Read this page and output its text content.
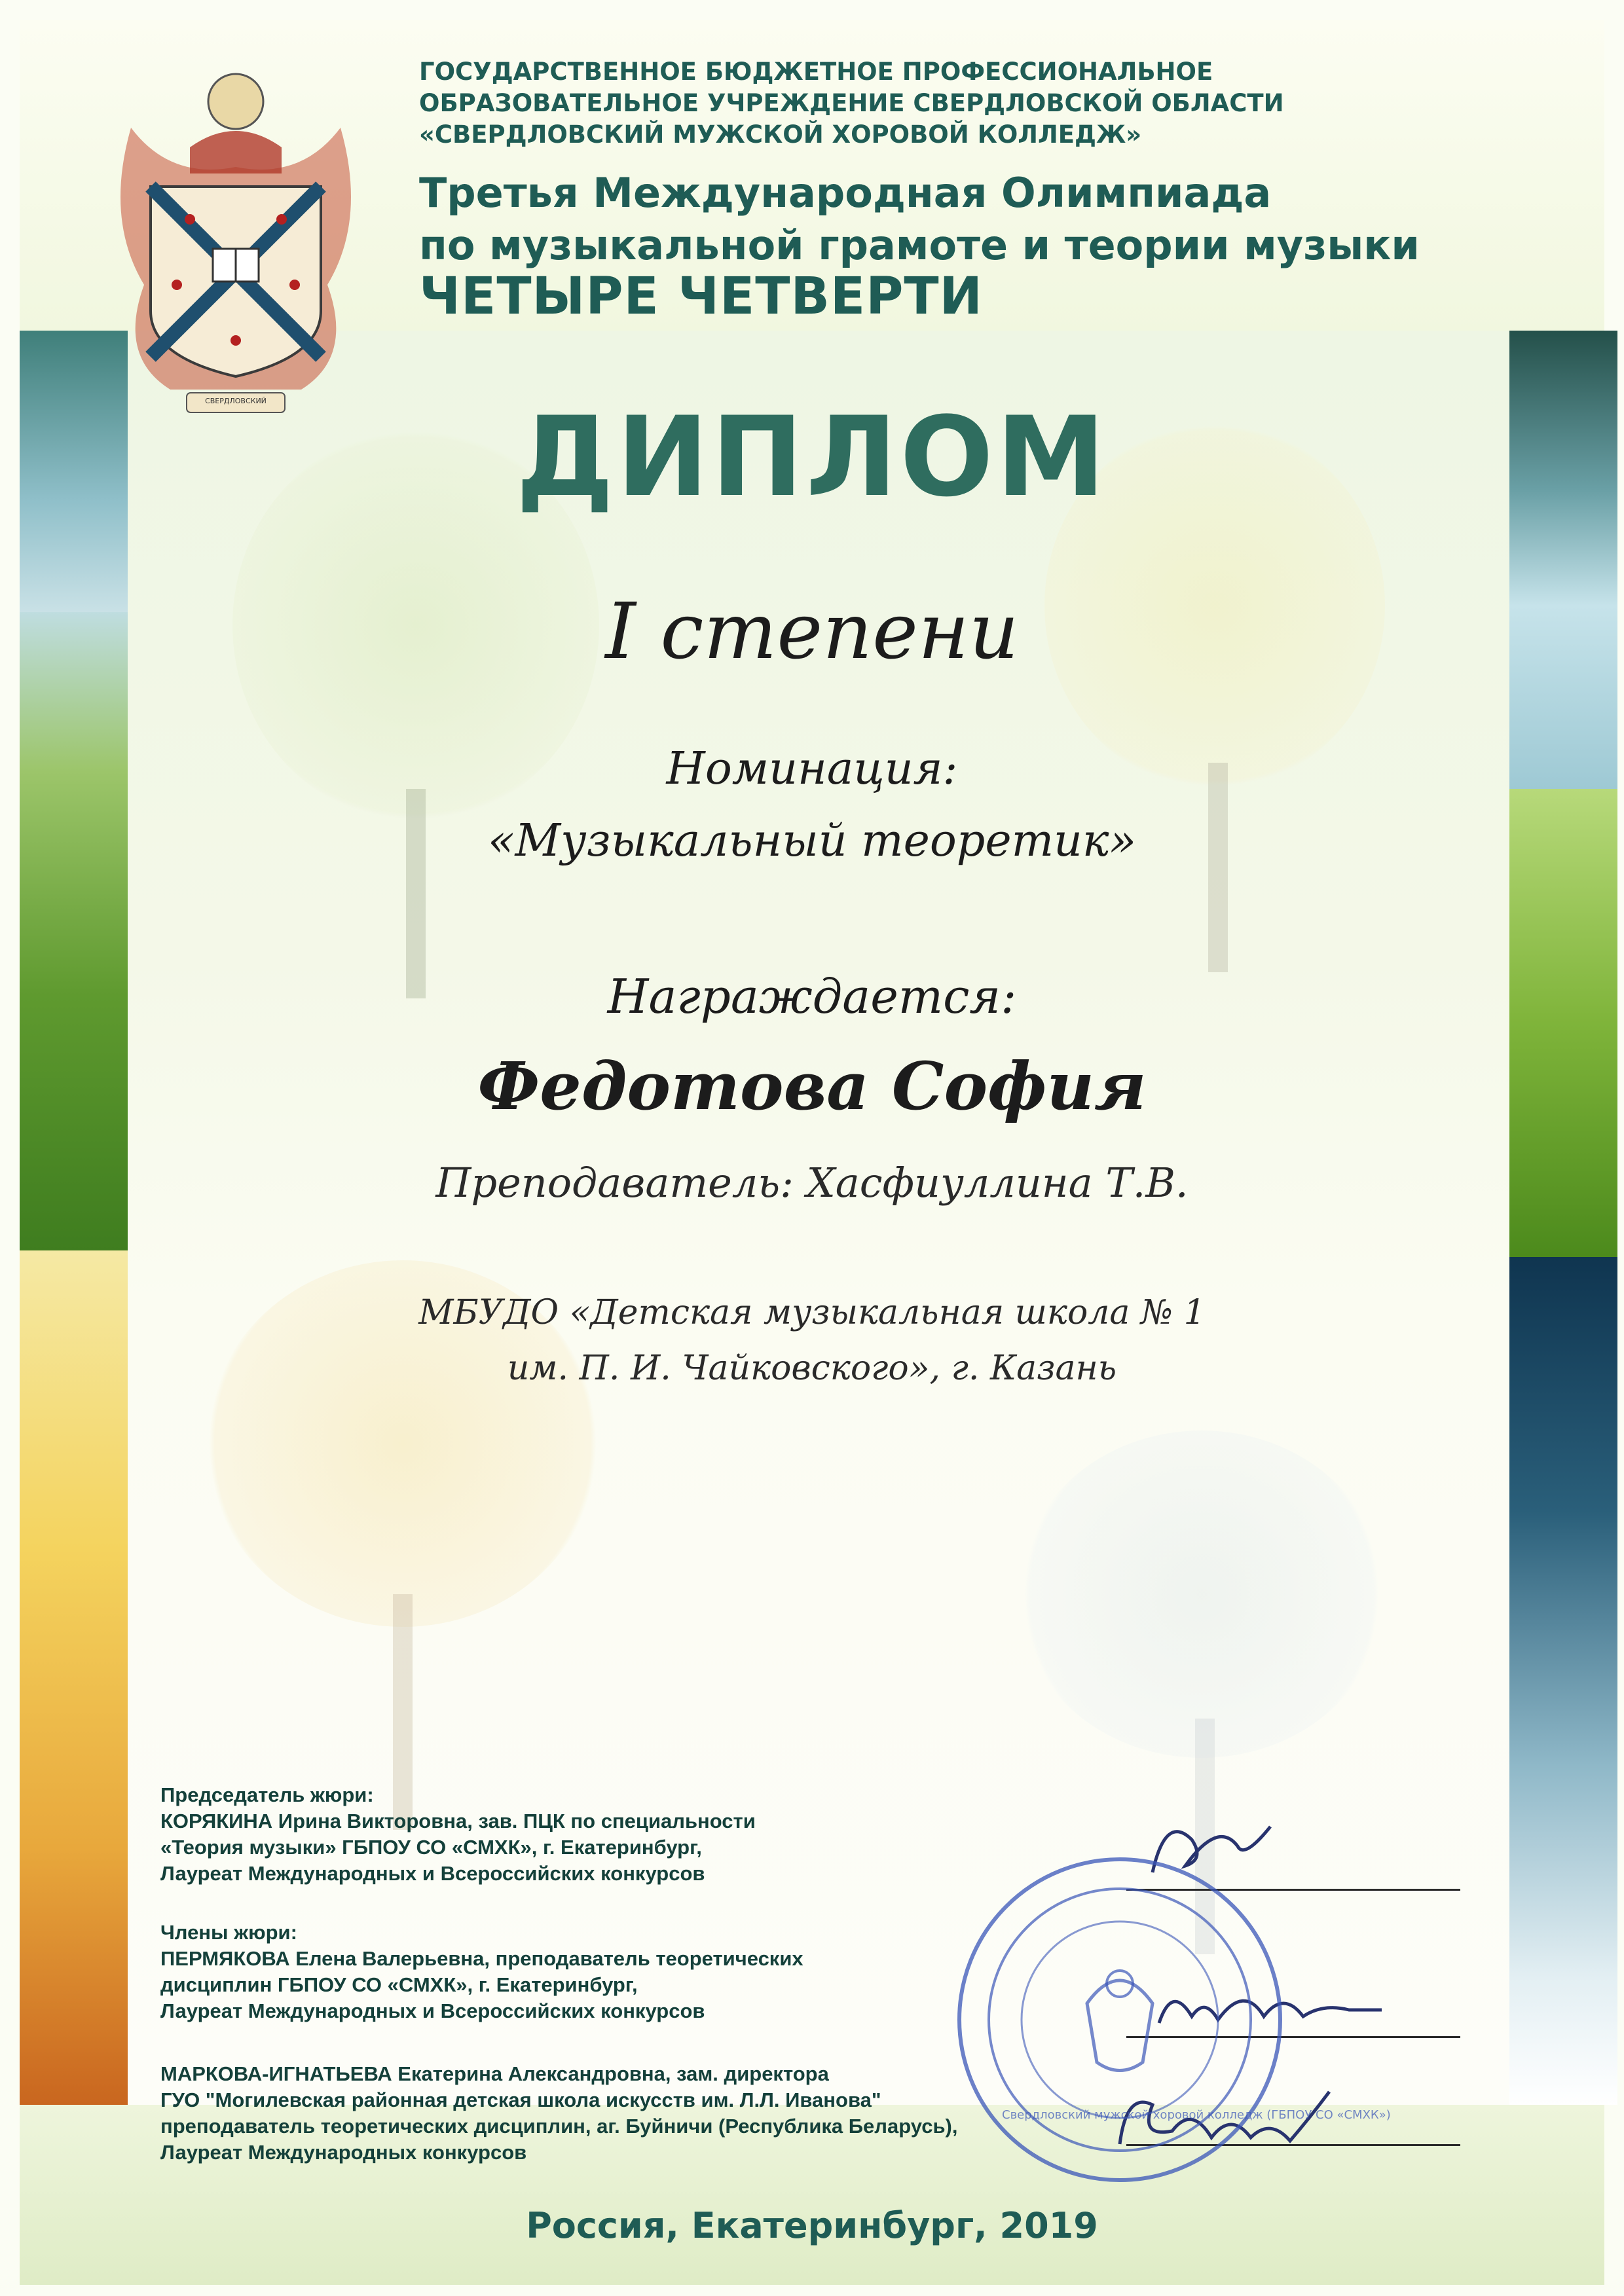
СВЕРДЛОВСКИЙ
ГОСУДАРСТВЕННОЕ БЮДЖЕТНОЕ ПРОФЕССИОНАЛЬНОЕ
ОБРАЗОВАТЕЛЬНОЕ УЧРЕЖДЕНИЕ СВЕРДЛОВСКОЙ ОБЛАСТИ
«СВЕРДЛОВСКИЙ МУЖСКОЙ ХОРОВОЙ КОЛЛЕДЖ»
Третья Международная Олимпиада
по музыкальной грамоте и теории музыки
ЧЕТЫРЕ ЧЕТВЕРТИ
ДИПЛОМ
I степени
Номинация:
«Музыкальный теоретик»
Награждается:
Федотова София
Преподаватель: Хасфиуллина Т.В.
МБУДО «Детская музыкальная школа № 1
им. П. И. Чайковского», г. Казань
Председатель жюри:
КОРЯКИНА Ирина Викторовна, зав. ПЦК по специальности
«Теория музыки» ГБПОУ СО «СМХК», г. Екатеринбург,
Лауреат Международных и Всероссийских конкурсов
Члены жюри:
ПЕРМЯКОВА Елена Валерьевна, преподаватель теоретических
дисциплин ГБПОУ СО «СМХК», г. Екатеринбург,
Лауреат Международных и Всероссийских конкурсов
МАРКОВА-ИГНАТЬЕВА Екатерина Александровна, зам. директора
ГУО "Могилевская районная детская школа искусств им. Л.Л. Иванова"
преподаватель теоретических дисциплин, аг. Буйничи (Республика Беларусь),
Лауреат Международных конкурсов
Свердловский мужской хоровой колледж (ГБПОУ СО «СМХК»)
Россия, Екатеринбург, 2019
